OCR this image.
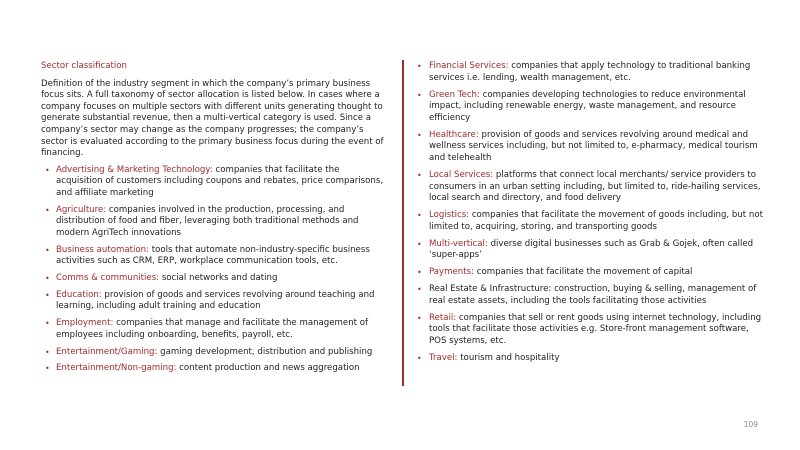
Sector classification
Definition of the industry segment in which the company’s primary business focus sits. A full taxonomy of sector allocation is listed below. In cases where a company focuses on multiple sectors with different units generating thought to generate substantial revenue, then a multi-vertical category is used. Since a company’s sector may change as the company progresses; the company’s sector is evaluated according to the primary business focus during the event of financing.
• Advertising & Marketing Technology: companies that facilitate the acquisition of customers including coupons and rebates, price comparisons, and affiliate marketing
• Agriculture: companies involved in the production, processing, and distribution of food and fiber, leveraging both traditional methods and modern AgriTech innovations
• Business automation: tools that automate non-industry-specific business activities such as CRM, ERP, workplace communication tools, etc.
• Comms & communities: social networks and dating
• Education: provision of goods and services revolving around teaching and learning, including adult training and education
• Employment: companies that manage and facilitate the management of employees including onboarding, benefits, payroll, etc.
• Entertainment/Gaming: gaming development, distribution and publishing
• Entertainment/Non-gaming: content production and news aggregation
• Financial Services: companies that apply technology to traditional banking services i.e. lending, wealth management, etc.
• Green Tech: companies developing technologies to reduce environmental impact, including renewable energy, waste management, and resource efficiency
• Healthcare: provision of goods and services revolving around medical and wellness services including, but not limited to, e-pharmacy, medical tourism and telehealth
• Local Services: platforms that connect local merchants/ service providers to consumers in an urban setting including, but limited to, ride-hailing services, local search and directory, and food delivery
• Logistics: companies that facilitate the movement of goods including, but not limited to, acquiring, storing, and transporting goods
• Multi-vertical: diverse digital businesses such as Grab & Gojek, often called ‘super-apps’
• Payments: companies that facilitate the movement of capital
• Real Estate & Infrastructure: construction, buying & selling, management of real estate assets, including the tools facilitating those activities
• Retail: companies that sell or rent goods using internet technology, including tools that facilitate those activities e.g. Store-front management software, POS systems, etc.
• Travel: tourism and hospitality
109
